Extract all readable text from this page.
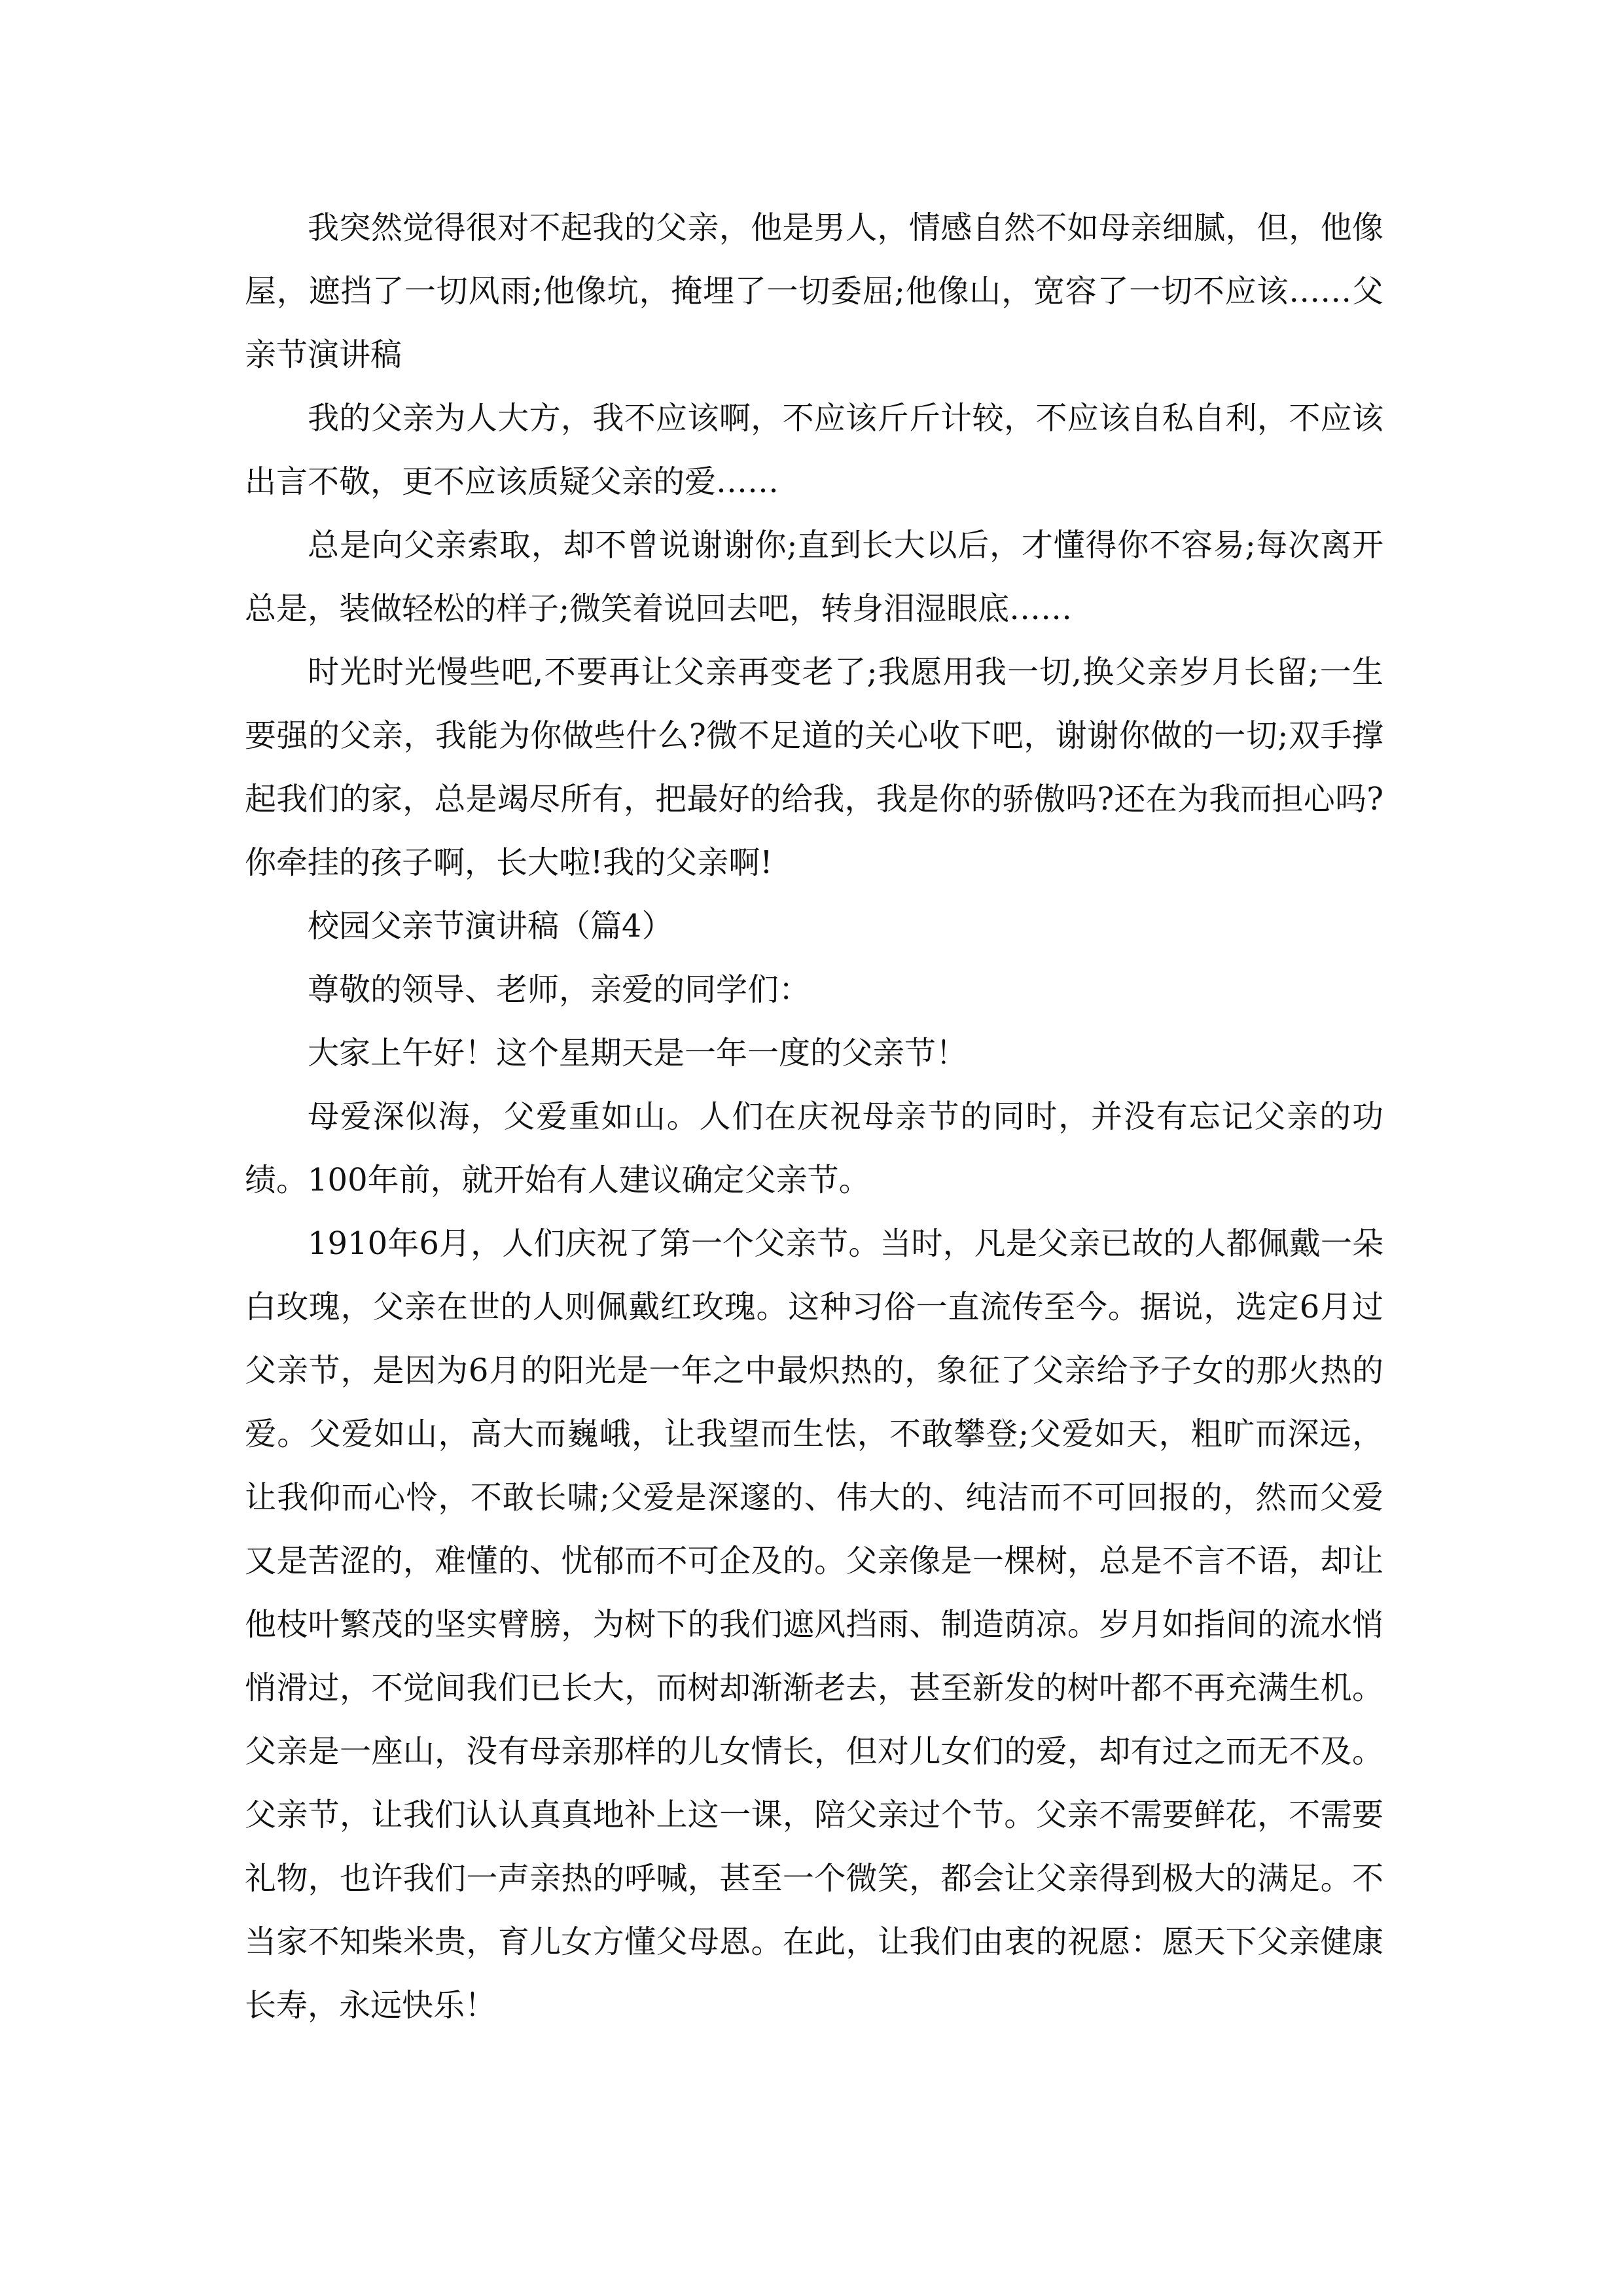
我突然觉得很对不起我的父亲，他是男人，情感自然不如母亲细腻，但，他像屋，遮挡了一切风雨;他像坑，掩埋了一切委屈;他像山，宽容了一切不应该……父亲节演讲稿

我的父亲为人大方，我不应该啊，不应该斤斤计较，不应该自私自利，不应该出言不敬，更不应该质疑父亲的爱……

总是向父亲索取，却不曾说谢谢你;直到长大以后，才懂得你不容易;每次离开总是，装做轻松的样子;微笑着说回去吧，转身泪湿眼底……

时光时光慢些吧,不要再让父亲再变老了;我愿用我一切,换父亲岁月长留;一生要强的父亲，我能为你做些什么?微不足道的关心收下吧，谢谢你做的一切;双手撑起我们的家，总是竭尽所有，把最好的给我，我是你的骄傲吗?还在为我而担心吗?你牵挂的孩子啊，长大啦!我的父亲啊!

校园父亲节演讲稿（篇4）

尊敬的领导、老师，亲爱的同学们：

大家上午好！这个星期天是一年一度的父亲节！

母爱深似海，父爱重如山。人们在庆祝母亲节的同时，并没有忘记父亲的功绩。100年前，就开始有人建议确定父亲节。

1910年6月，人们庆祝了第一个父亲节。当时，凡是父亲已故的人都佩戴一朵白玫瑰，父亲在世的人则佩戴红玫瑰。这种习俗一直流传至今。据说，选定6月过父亲节，是因为6月的阳光是一年之中最炽热的，象征了父亲给予子女的那火热的爱。父爱如山，高大而巍峨，让我望而生怯，不敢攀登;父爱如天，粗旷而深远，让我仰而心怜，不敢长啸;父爱是深邃的、伟大的、纯洁而不可回报的，然而父爱又是苦涩的，难懂的、忧郁而不可企及的。父亲像是一棵树，总是不言不语，却让他枝叶繁茂的坚实臂膀，为树下的我们遮风挡雨、制造荫凉。岁月如指间的流水悄悄滑过，不觉间我们已长大，而树却渐渐老去，甚至新发的树叶都不再充满生机。父亲是一座山，没有母亲那样的儿女情长，但对儿女们的爱，却有过之而无不及。父亲节，让我们认认真真地补上这一课，陪父亲过个节。父亲不需要鲜花，不需要礼物，也许我们一声亲热的呼喊，甚至一个微笑，都会让父亲得到极大的满足。不当家不知柴米贵，育儿女方懂父母恩。在此，让我们由衷的祝愿：愿天下父亲健康长寿，永远快乐！
